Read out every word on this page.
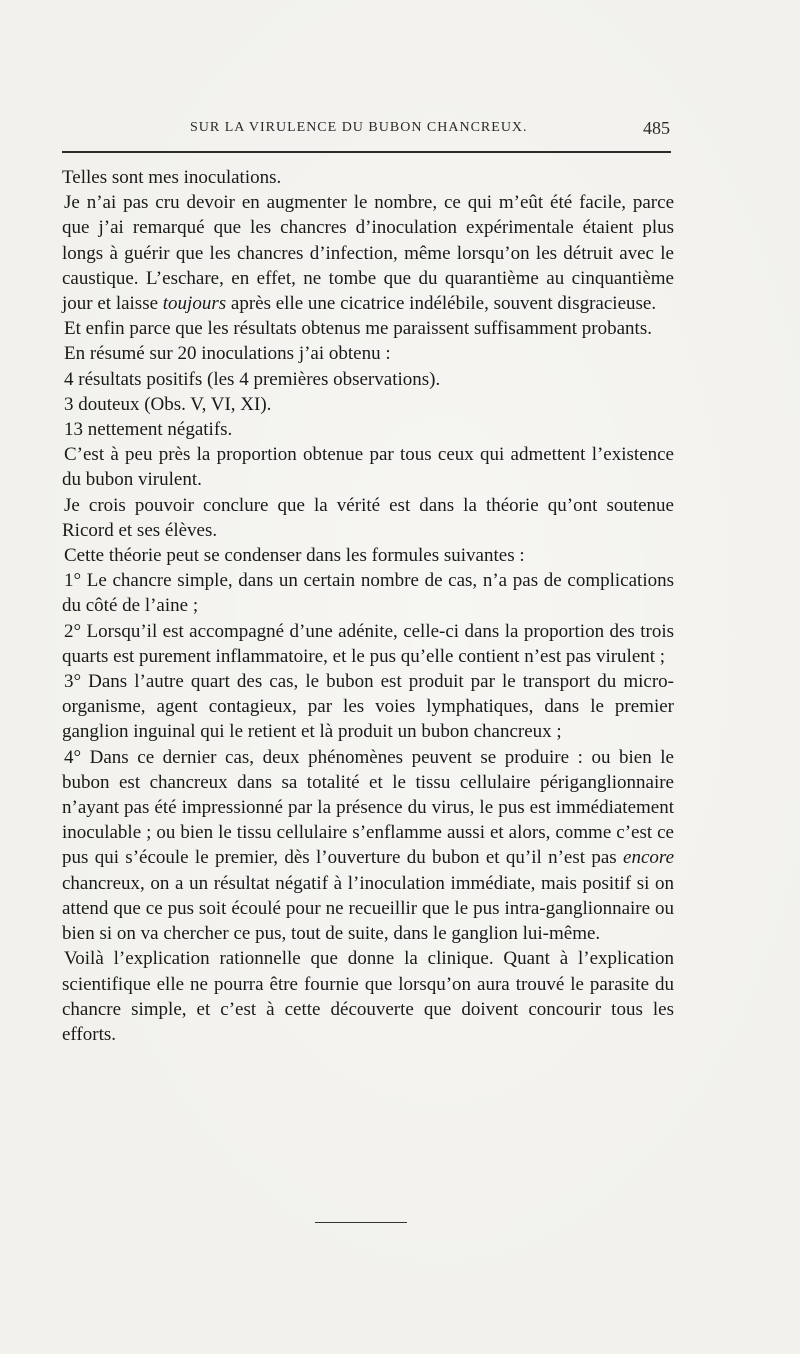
SUR LA VIRULENCE DU BUBON CHANCREUX.	485

Telles sont mes inoculations.

Je n’ai pas cru devoir en augmenter le nombre, ce qui m’eût été facile, parce que j’ai remarqué que les chancres d’inoculation expérimentale étaient plus longs à guérir que les chancres d’infection, même lorsqu’on les détruit avec le caustique. L’eschare, en effet, ne tombe que du quarantième au cinquantième jour et laisse toujours après elle une cicatrice indélébile, souvent disgracieuse.

Et enfin parce que les résultats obtenus me paraissent suffisamment probants.

En résumé sur 20 inoculations j’ai obtenu :

4 résultats positifs (les 4 premières observations).

3 douteux (Obs. V, VI, XI).

13 nettement négatifs.

C’est à peu près la proportion obtenue par tous ceux qui admettent l’existence du bubon virulent.

Je crois pouvoir conclure que la vérité est dans la théorie qu’ont soutenue Ricord et ses élèves.

Cette théorie peut se condenser dans les formules suivantes :

1° Le chancre simple, dans un certain nombre de cas, n’a pas de complications du côté de l’aine ;

2° Lorsqu’il est accompagné d’une adénite, celle-ci dans la proportion des trois quarts est purement inflammatoire, et le pus qu’elle contient n’est pas virulent ;

3° Dans l’autre quart des cas, le bubon est produit par le transport du micro-organisme, agent contagieux, par les voies lymphatiques, dans le premier ganglion inguinal qui le retient et là produit un bubon chancreux ;

4° Dans ce dernier cas, deux phénomènes peuvent se produire : ou bien le bubon est chancreux dans sa totalité et le tissu cellulaire périganglionnaire n’ayant pas été impressionné par la présence du virus, le pus est immédiatement inoculable ; ou bien le tissu cellulaire s’enflamme aussi et alors, comme c’est ce pus qui s’écoule le premier, dès l’ouverture du bubon et qu’il n’est pas encore chancreux, on a un résultat négatif à l’inoculation immédiate, mais positif si on attend que ce pus soit écoulé pour ne recueillir que le pus intra-ganglionnaire ou bien si on va chercher ce pus, tout de suite, dans le ganglion lui-même.

Voilà l’explication rationnelle que donne la clinique. Quant à l’explication scientifique elle ne pourra être fournie que lorsqu’on aura trouvé le parasite du chancre simple, et c’est à cette découverte que doivent concourir tous les efforts.
